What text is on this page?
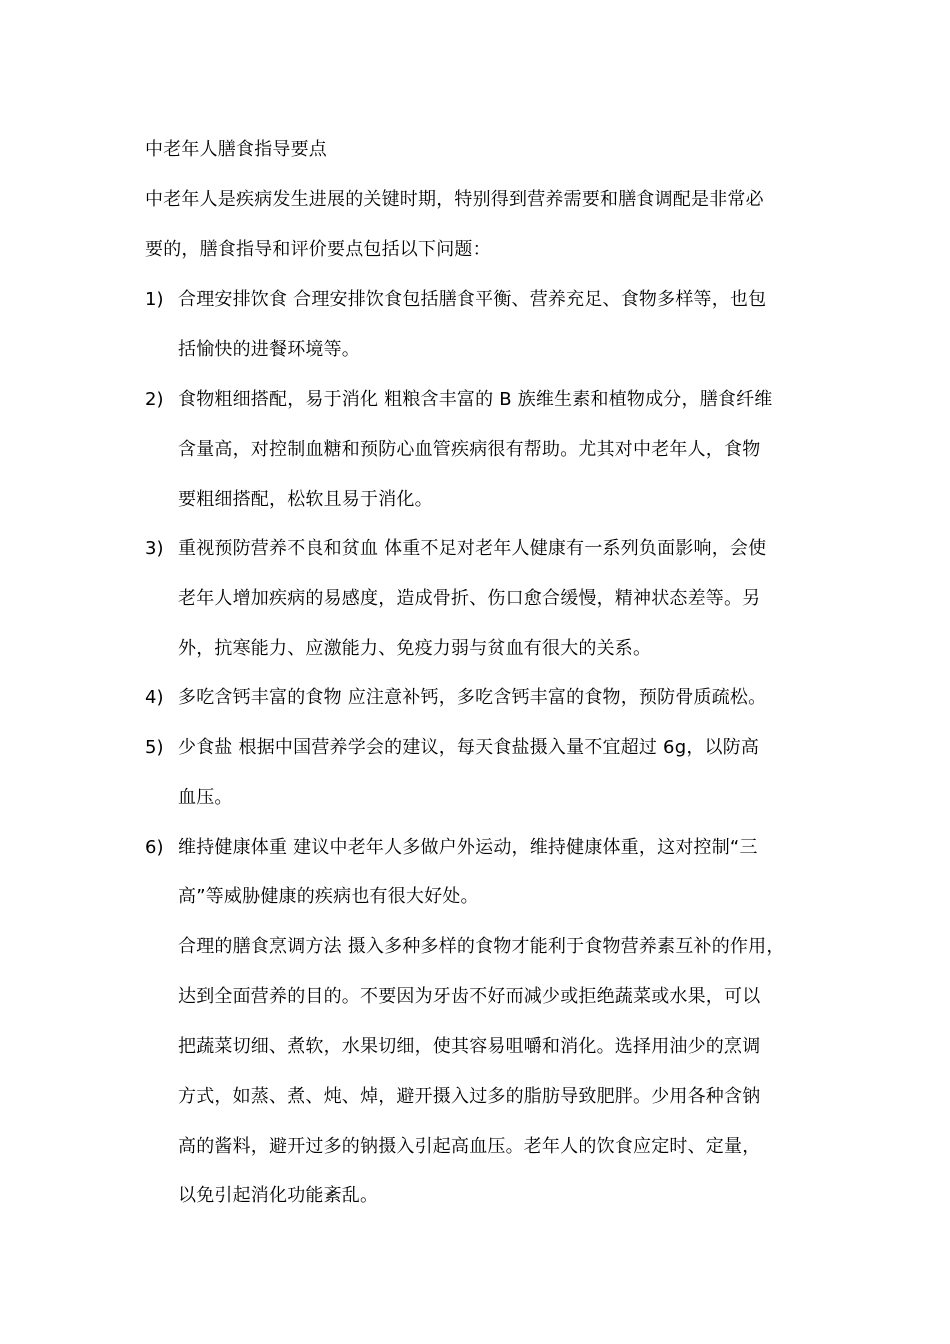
中老年人膳食指导要点
中老年人是疾病发生进展的关键时期，特别得到营养需要和膳食调配是非常必
要的，膳食指导和评价要点包括以下问题：
1) 合理安排饮食 合理安排饮食包括膳食平衡、营养充足、食物多样等，也包
括愉快的进餐环境等。
2) 食物粗细搭配，易于消化 粗粮含丰富的 B 族维生素和植物成分，膳食纤维
含量高，对控制血糖和预防心血管疾病很有帮助。尤其对中老年人，食物
要粗细搭配，松软且易于消化。
3) 重视预防营养不良和贫血 体重不足对老年人健康有一系列负面影响，会使
老年人增加疾病的易感度，造成骨折、伤口愈合缓慢，精神状态差等。另
外，抗寒能力、应激能力、免疫力弱与贫血有很大的关系。
4) 多吃含钙丰富的食物 应注意补钙，多吃含钙丰富的食物，预防骨质疏松。
5) 少食盐 根据中国营养学会的建议，每天食盐摄入量不宜超过 6g，以防高
血压。
6) 维持健康体重 建议中老年人多做户外运动，维持健康体重，这对控制“三
高”等威胁健康的疾病也有很大好处。
合理的膳食烹调方法 摄入多种多样的食物才能利于食物营养素互补的作用，
达到全面营养的目的。不要因为牙齿不好而减少或拒绝蔬菜或水果，可以
把蔬菜切细、煮软，水果切细，使其容易咀嚼和消化。选择用油少的烹调
方式，如蒸、煮、炖、焯，避开摄入过多的脂肪导致肥胖。少用各种含钠
高的酱料，避开过多的钠摄入引起高血压。老年人的饮食应定时、定量，
以免引起消化功能紊乱。
